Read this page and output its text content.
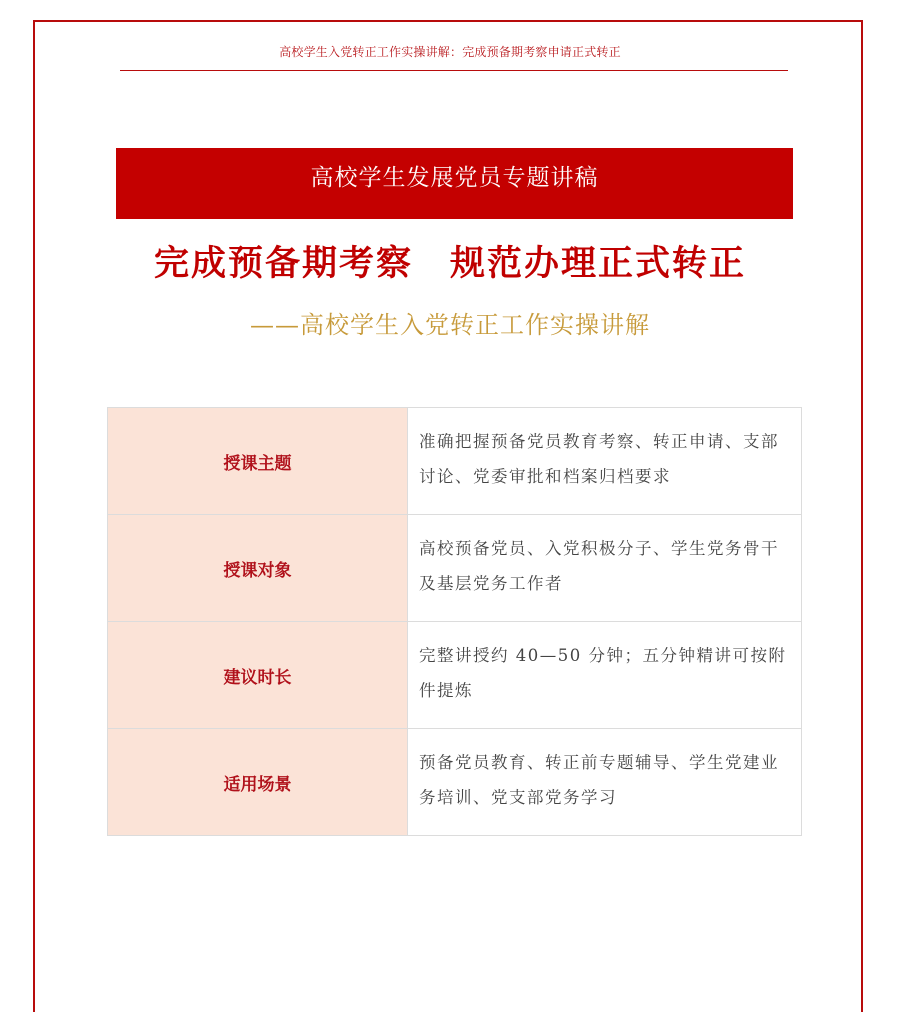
高校学生入党转正工作实操讲解：完成预备期考察申请正式转正
高校学生发展党员专题讲稿
完成预备期考察　规范办理正式转正
——高校学生入党转正工作实操讲解
授课主题	准确把握预备党员教育考察、转正申请、支部讨论、党委审批和档案归档要求
授课对象	高校预备党员、入党积极分子、学生党务骨干及基层党务工作者
建议时长	完整讲授约 40—50 分钟；五分钟精讲可按附件提炼
适用场景	预备党员教育、转正前专题辅导、学生党建业务培训、党支部党务学习
